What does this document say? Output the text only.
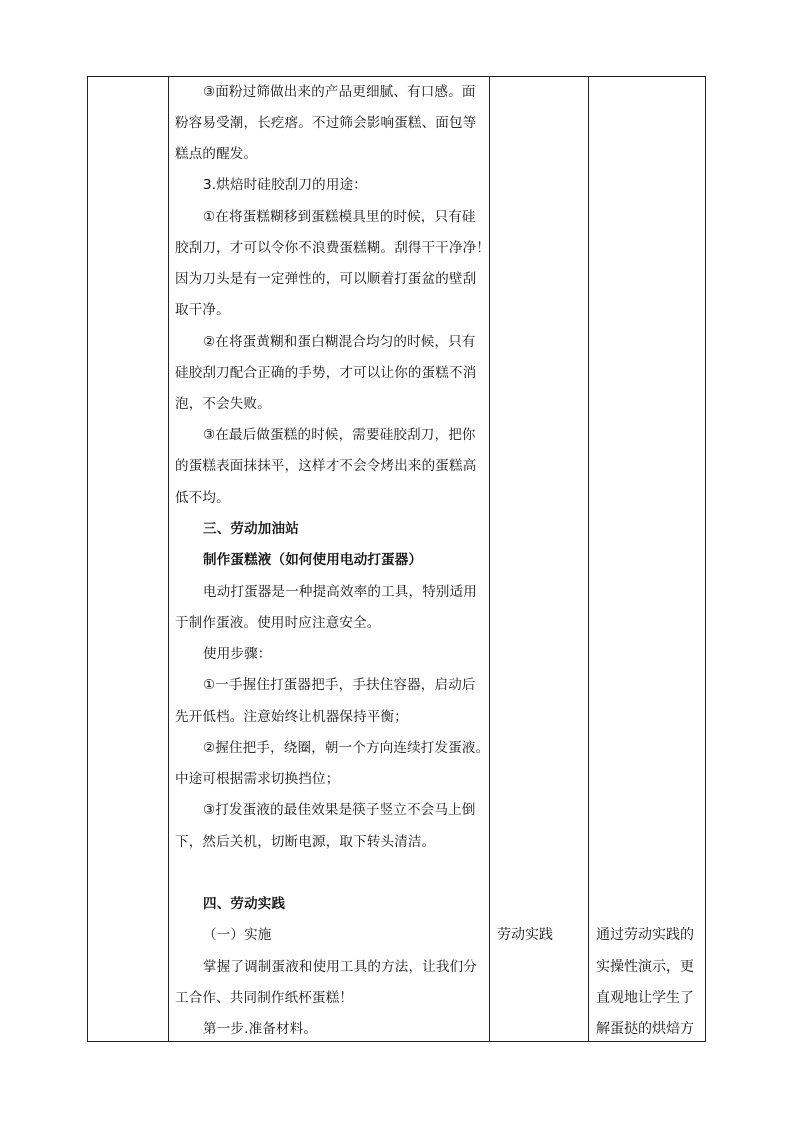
③面粉过筛做出来的产品更细腻、有口感。面

粉容易受潮，长疙瘩。不过筛会影响蛋糕、面包等

糕点的醒发。

3.烘焙时硅胶刮刀的用途：

①在将蛋糕糊移到蛋糕模具里的时候，只有硅

胶刮刀，才可以令你不浪费蛋糕糊。刮得干干净净！

因为刀头是有一定弹性的，可以顺着打蛋盆的壁刮

取干净。

②在将蛋黄糊和蛋白糊混合均匀的时候，只有

硅胶刮刀配合正确的手势，才可以让你的蛋糕不消

泡，不会失败。

③在最后做蛋糕的时候，需要硅胶刮刀，把你

的蛋糕表面抹抹平，这样才不会令烤出来的蛋糕高

低不均。

三、劳动加油站

制作蛋糕液（如何使用电动打蛋器）

电动打蛋器是一种提高效率的工具，特别适用

于制作蛋液。使用时应注意安全。

使用步骤：

①一手握住打蛋器把手，手扶住容器，启动后

先开低档。注意始终让机器保持平衡；

②握住把手，绕圈，朝一个方向连续打发蛋液。

中途可根据需求切换挡位；

③打发蛋液的最佳效果是筷子竖立不会马上倒

下，然后关机，切断电源，取下转头清洁。

四、劳动实践

（一）实施

掌握了调制蛋液和使用工具的方法，让我们分

工合作、共同制作纸杯蛋糕！

第一步.准备材料。

劳动实践	通过劳动实践的

实操性演示，更

直观地让学生了

解蛋挞的烘焙方
